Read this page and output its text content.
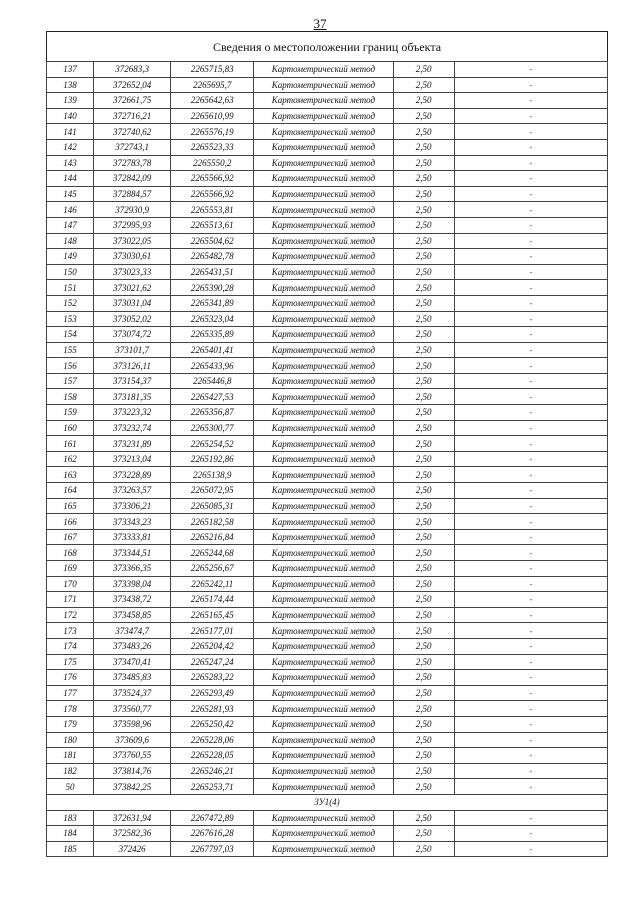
37
Сведения о местоположении границ объекта
137	372683,3	2265715,83	Картометрический метод	2,50	-
138	372652,04	2265695,7	Картометрический метод	2,50	-
139	372661,75	2265642,63	Картометрический метод	2,50	-
140	372716,21	2265610,99	Картометрический метод	2,50	-
141	372740,62	2265576,19	Картометрический метод	2,50	-
142	372743,1	2265523,33	Картометрический метод	2,50	-
143	372783,78	2265550,2	Картометрический метод	2,50	-
144	372842,09	2265566,92	Картометрический метод	2,50	-
145	372884,57	2265566,92	Картометрический метод	2,50	-
146	372930,9	2265553,81	Картометрический метод	2,50	-
147	372995,93	2265513,61	Картометрический метод	2,50	-
148	373022,05	2265504,62	Картометрический метод	2,50	-
149	373030,61	2265482,78	Картометрический метод	2,50	-
150	373023,33	2265431,51	Картометрический метод	2,50	-
151	373021,62	2265390,28	Картометрический метод	2,50	-
152	373031,04	2265341,89	Картометрический метод	2,50	-
153	373052,02	2265323,04	Картометрический метод	2,50	-
154	373074,72	2265335,89	Картометрический метод	2,50	-
155	373101,7	2265401,41	Картометрический метод	2,50	-
156	373126,11	2265433,96	Картометрический метод	2,50	-
157	373154,37	2265446,8	Картометрический метод	2,50	-
158	373181,35	2265427,53	Картометрический метод	2,50	-
159	373223,32	2265356,87	Картометрический метод	2,50	-
160	373232,74	2265300,77	Картометрический метод	2,50	-
161	373231,89	2265254,52	Картометрический метод	2,50	-
162	373213,04	2265192,86	Картометрический метод	2,50	-
163	373228,89	2265138,9	Картометрический метод	2,50	-
164	373263,57	2265072,95	Картометрический метод	2,50	-
165	373306,21	2265085,31	Картометрический метод	2,50	-
166	373343,23	2265182,58	Картометрический метод	2,50	-
167	373333,81	2265216,84	Картометрический метод	2,50	-
168	373344,51	2265244,68	Картометрический метод	2,50	-
169	373366,35	2265256,67	Картометрический метод	2,50	-
170	373398,04	2265242,11	Картометрический метод	2,50	-
171	373438,72	2265174,44	Картометрический метод	2,50	-
172	373458,85	2265165,45	Картометрический метод	2,50	-
173	373474,7	2265177,01	Картометрический метод	2,50	-
174	373483,26	2265204,42	Картометрический метод	2,50	-
175	373470,41	2265247,24	Картометрический метод	2,50	-
176	373485,83	2265283,22	Картометрический метод	2,50	-
177	373524,37	2265293,49	Картометрический метод	2,50	-
178	373560,77	2265281,93	Картометрический метод	2,50	-
179	373598,96	2265250,42	Картометрический метод	2,50	-
180	373609,6	2265228,06	Картометрический метод	2,50	-
181	373760,55	2265228,05	Картометрический метод	2,50	-
182	373814,76	2265246,21	Картометрический метод	2,50	-
50	373842,25	2265253,71	Картометрический метод	2,50	-
ЗУ1(4)					
183	372631,94	2267472,89	Картометрический метод	2,50	-
184	372582,36	2267616,28	Картометрический метод	2,50	-
185	372426	2267797,03	Картометрический метод	2,50	-
